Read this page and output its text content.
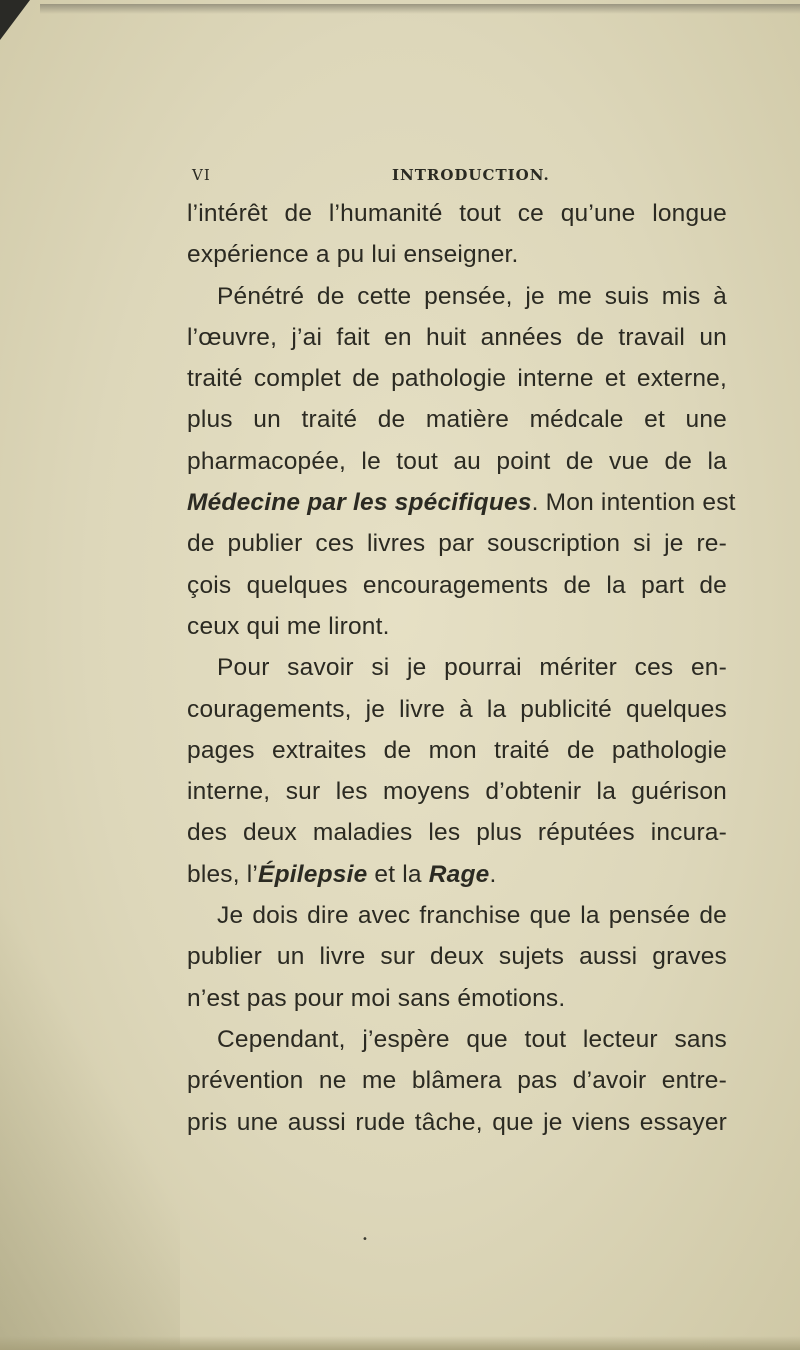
VI	INTRODUCTION.

l’intérêt de l’humanité tout ce qu’une longue
expérience a pu lui enseigner.

Pénétré de cette pensée, je me suis mis à
l’œuvre, j’ai fait en huit années de travail un
traité complet de pathologie interne et externe,
plus un traité de matière médcale et une
pharmacopée, le tout au point de vue de la
Médecine par les spécifiques. Mon intention est
de publier ces livres par souscription si je re-
çois quelques encouragements de la part de
ceux qui me liront.

Pour savoir si je pourrai mériter ces en-
couragements, je livre à la publicité quelques
pages extraites de mon traité de pathologie
interne, sur les moyens d’obtenir la guérison
des deux maladies les plus réputées incura-
bles, l’Épilepsie et la Rage.

Je dois dire avec franchise que la pensée de
publier un livre sur deux sujets aussi graves
n’est pas pour moi sans émotions.

Cependant, j’espère que tout lecteur sans
prévention ne me blâmera pas d’avoir entre-
pris une aussi rude tâche, que je viens essayer

•
